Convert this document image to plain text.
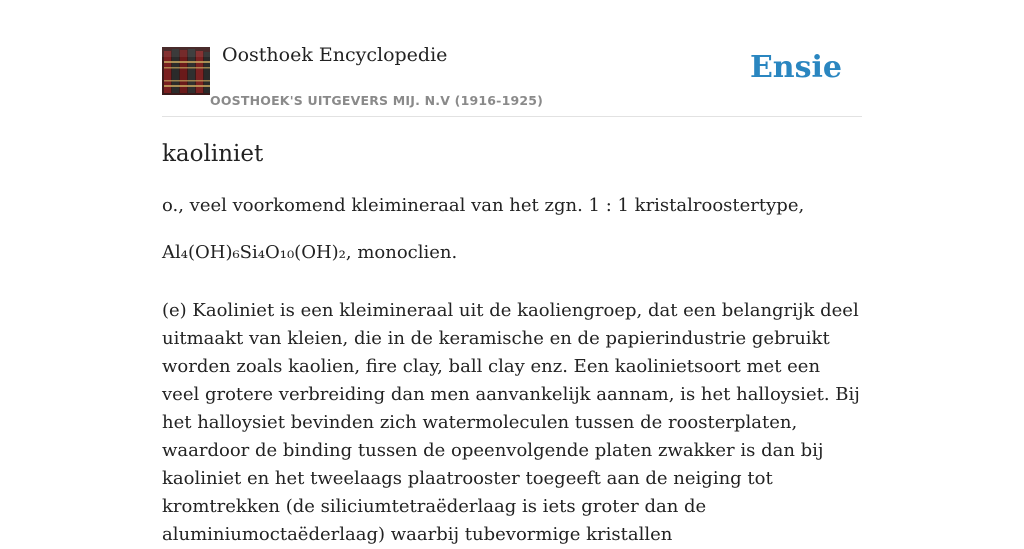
Oosthoek Encyclopedie
OOSTHOEK'S UITGEVERS MIJ. N.V (1916-1925)
Ensie
kaoliniet

o., veel voorkomend kleimineraal van het zgn. 1 : 1 kristalroostertype,

Al₄(OH)₆Si₄O₁₀(OH)₂, monoclien.

(e) Kaoliniet is een kleimineraal uit de kaoliengroep, dat een belangrijk deel uitmaakt van kleien, die in de keramische en de papierindustrie gebruikt worden zoals kaolien, fire clay, ball clay enz. Een kaolinietsoort met een veel grotere verbreiding dan men aanvankelijk aannam, is het halloysiet. Bij het halloysiet bevinden zich watermoleculen tussen de roosterplaten, waardoor de binding tussen de opeenvolgende platen zwakker is dan bij kaoliniet en het tweelaags plaatrooster toegeeft aan de neiging tot kromtrekken (de siliciumtetraëderlaag is iets groter dan de aluminiumoctaëderlaag) waarbij tubevormige kristallen
